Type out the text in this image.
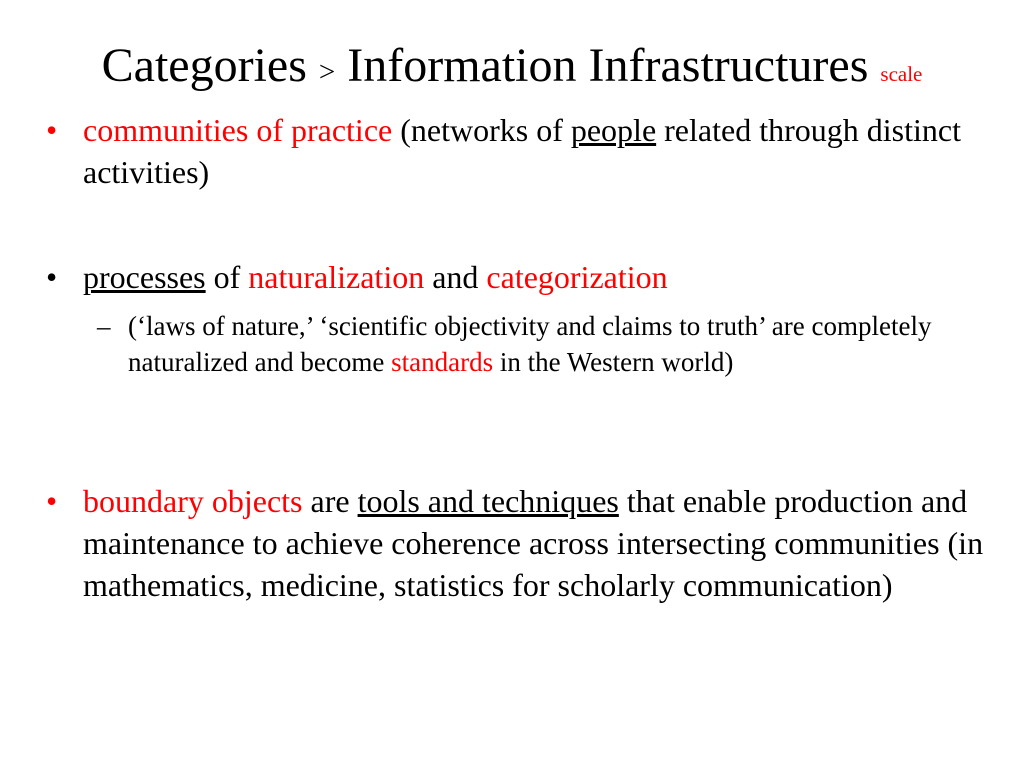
Categories > Information Infrastructures scale
• communities of practice (networks of people related through distinct activities)
• processes of naturalization and categorization
– (‘laws of nature,’ ‘scientific objectivity and claims to truth’ are completely naturalized and become standards in the Western world)
• boundary objects are tools and techniques that enable production and maintenance to achieve coherence across intersecting communities (in mathematics, medicine, statistics for scholarly communication)
